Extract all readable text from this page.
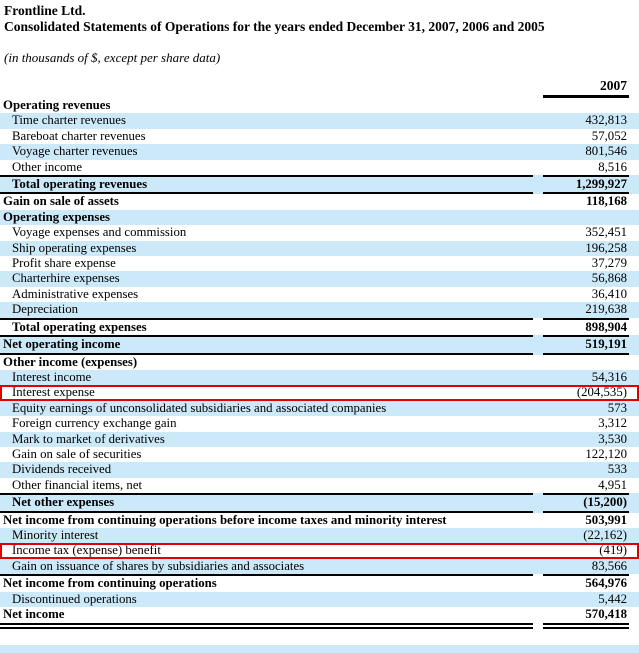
Frontline Ltd.
Consolidated Statements of Operations for the years ended December 31, 2007, 2006 and 2005
(in thousands of $, except per share data)
2007
Operating revenues
Time charter revenues	432,813
Bareboat charter revenues	57,052
Voyage charter revenues	801,546
Other income	8,516
Total operating revenues	1,299,927
Gain on sale of assets	118,168
Operating expenses
Voyage expenses and commission	352,451
Ship operating expenses	196,258
Profit share expense	37,279
Charterhire expenses	56,868
Administrative expenses	36,410
Depreciation	219,638
Total operating expenses	898,904
Net operating income	519,191
Other income (expenses)
Interest income	54,316
Interest expense	(204,535)
Equity earnings of unconsolidated subsidiaries and associated companies	573
Foreign currency exchange gain	3,312
Mark to market of derivatives	3,530
Gain on sale of securities	122,120
Dividends received	533
Other financial items, net	4,951
Net other expenses	(15,200)
Net income from continuing operations before income taxes and minority interest	503,991
Minority interest	(22,162)
Income tax (expense) benefit	(419)
Gain on issuance of shares by subsidiaries and associates	83,566
Net income from continuing operations	564,976
Discontinued operations	5,442
Net income	570,418
